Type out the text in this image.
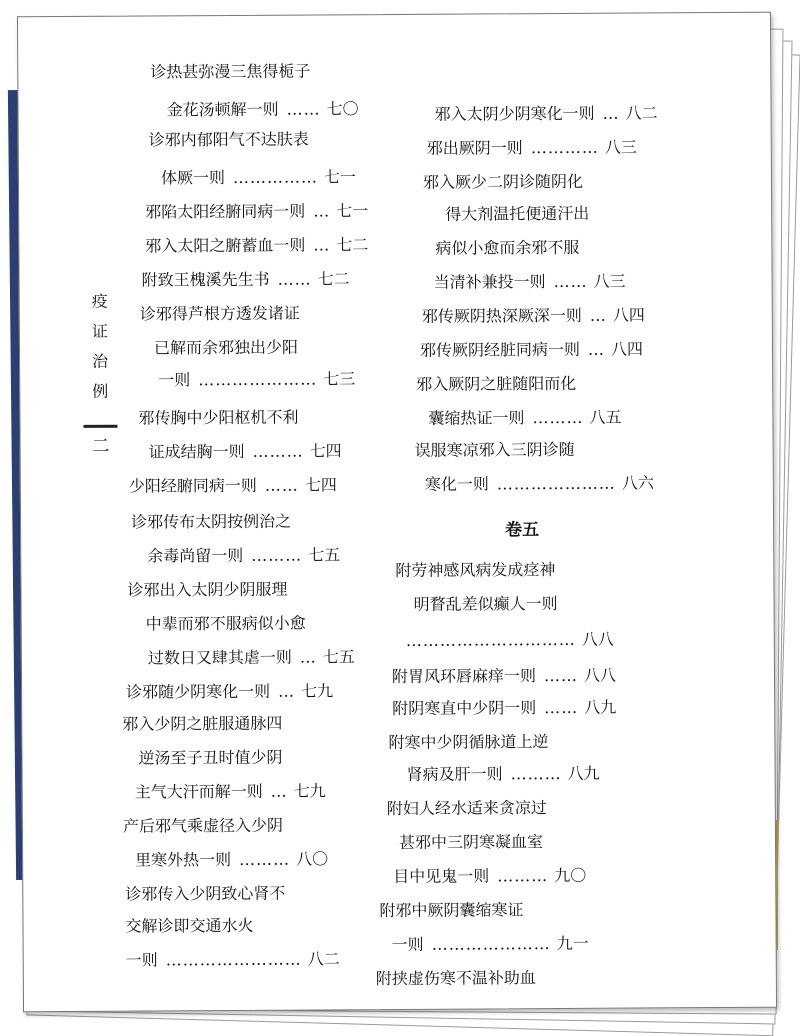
疫
证
治
例
二
诊热甚弥漫三焦得栀子
金花汤顿解一则 …… 七〇
诊邪内郁阳气不达肤表
体厥一则 …………… 七一
邪陷太阳经腑同病一则 … 七一
邪入太阳之腑蓄血一则 … 七二
附致王槐溪先生书 …… 七二
诊邪得芦根方透发诸证
已解而余邪独出少阳
一则 ………………… 七三
邪传胸中少阳枢机不利
证成结胸一则 ……… 七四
少阳经腑同病一则 …… 七四
诊邪传布太阴按例治之
余毒尚留一则 ……… 七五
诊邪出入太阴少阴服理
中辈而邪不服病似小愈
过数日又肆其虐一则 … 七五
诊邪随少阴寒化一则 … 七九
邪入少阴之脏服通脉四
逆汤至子丑时值少阴
主气大汗而解一则 … 七九
产后邪气乘虚径入少阴
里寒外热一则 ……… 八〇
诊邪传入少阴致心肾不
交解诊即交通水火
一则 …………………… 八二
邪入太阴少阴寒化一则 … 八二
邪出厥阴一则 ………… 八三
邪入厥少二阴诊随阴化
得大剂温托便通汗出
病似小愈而余邪不服
当清补兼投一则 …… 八三
邪传厥阴热深厥深一则 … 八四
邪传厥阴经脏同病一则 … 八四
邪入厥阴之脏随阳而化
囊缩热证一则 ……… 八五
误服寒凉邪入三阴诊随
寒化一则 ………………… 八六
卷五
附劳神感风病发成痉神
明瞀乱差似癫人一则
………………………… 八八
附胃风环唇麻痒一则 …… 八八
附阴寒直中少阴一则 …… 八九
附寒中少阴循脉道上逆
肾病及肝一则 ……… 八九
附妇人经水适来贪凉过
甚邪中三阴寒凝血室
目中见鬼一则 ……… 九〇
附邪中厥阴囊缩寒证
一则 ………………… 九一
附挟虚伤寒不温补助血
